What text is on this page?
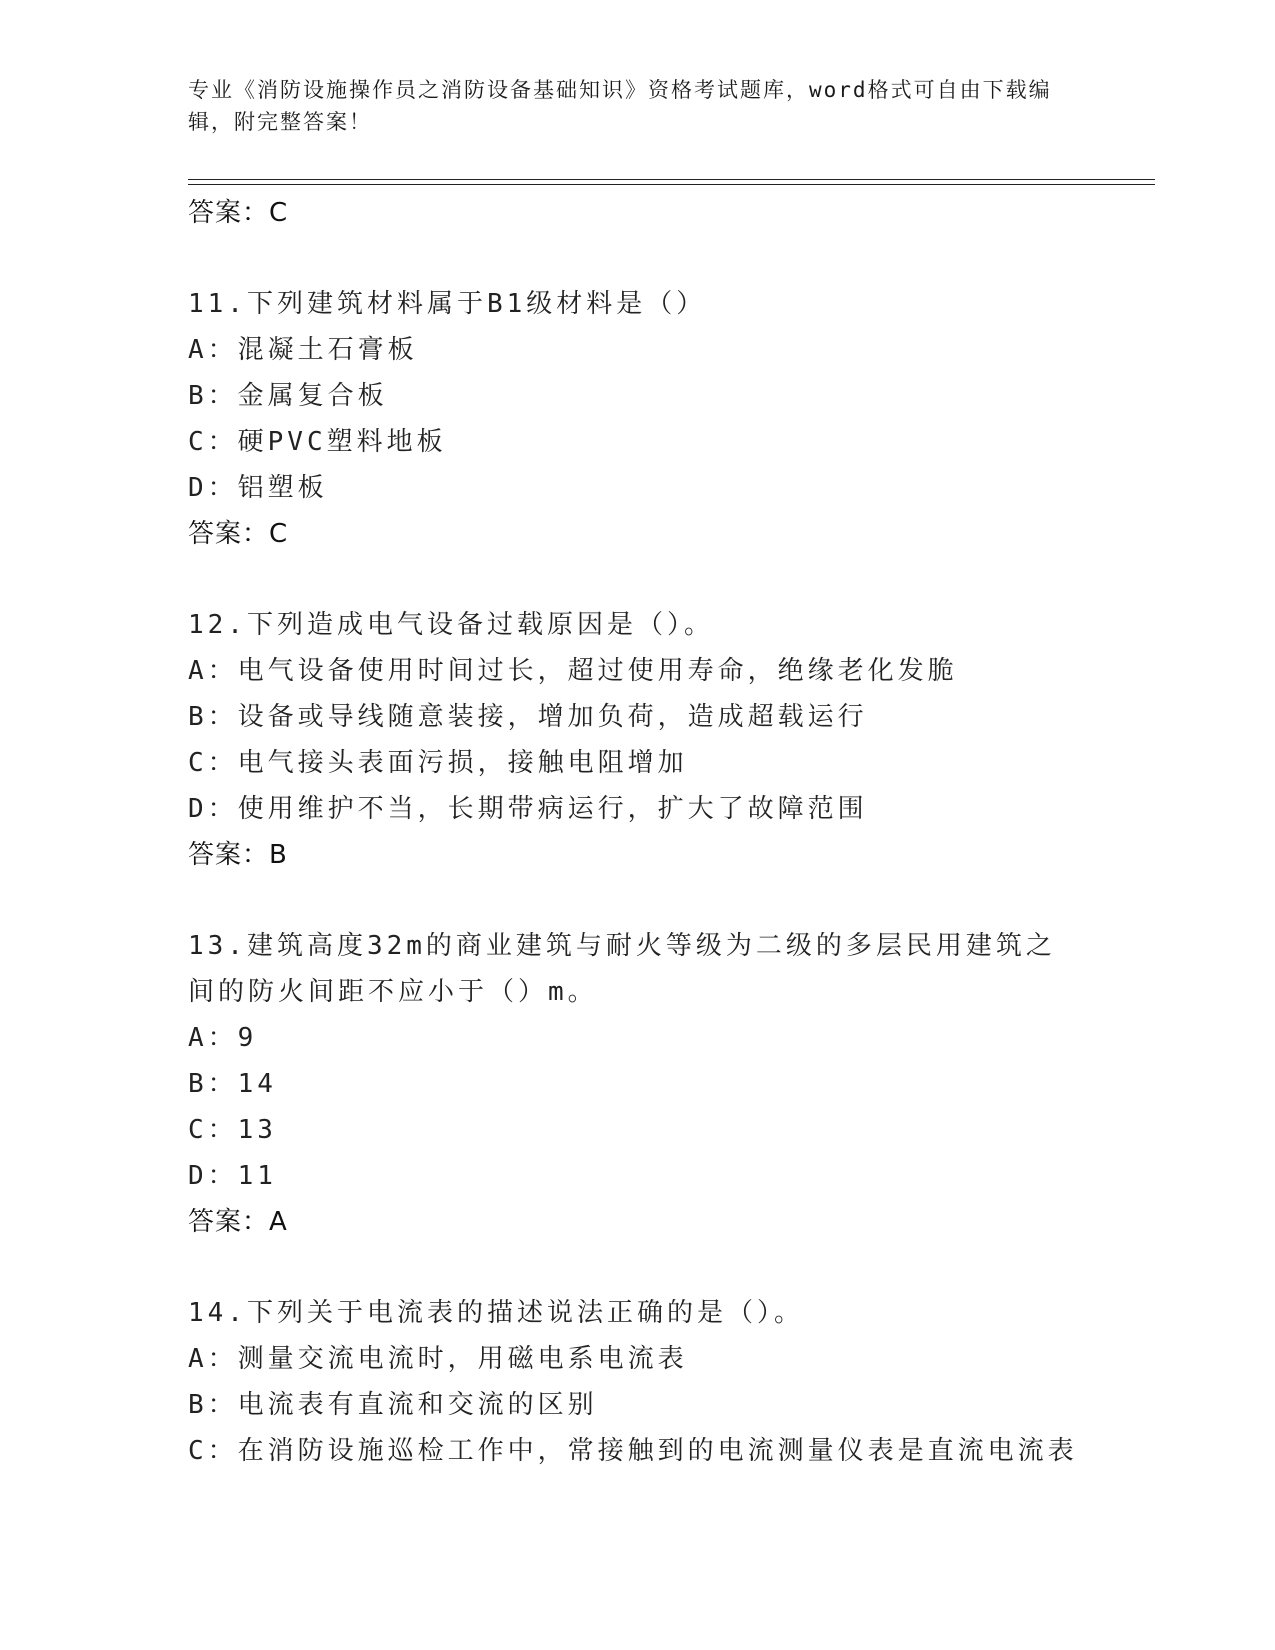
专业《消防设施操作员之消防设备基础知识》资格考试题库，word格式可自由下载编辑，附完整答案！
答案：C
11.下列建筑材料属于B1级材料是（）
A：混凝土石膏板
B：金属复合板
C：硬PVC塑料地板
D：铝塑板
答案：C
12.下列造成电气设备过载原因是（）。
A：电气设备使用时间过长，超过使用寿命，绝缘老化发脆
B：设备或导线随意装接，增加负荷，造成超载运行
C：电气接头表面污损，接触电阻增加
D：使用维护不当，长期带病运行，扩大了故障范围
答案：B
13.建筑高度32m的商业建筑与耐火等级为二级的多层民用建筑之间的防火间距不应小于（）m。
A：9
B：14
C：13
D：11
答案：A
14.下列关于电流表的描述说法正确的是（）。
A：测量交流电流时，用磁电系电流表
B：电流表有直流和交流的区别
C：在消防设施巡检工作中，常接触到的电流测量仪表是直流电流表
